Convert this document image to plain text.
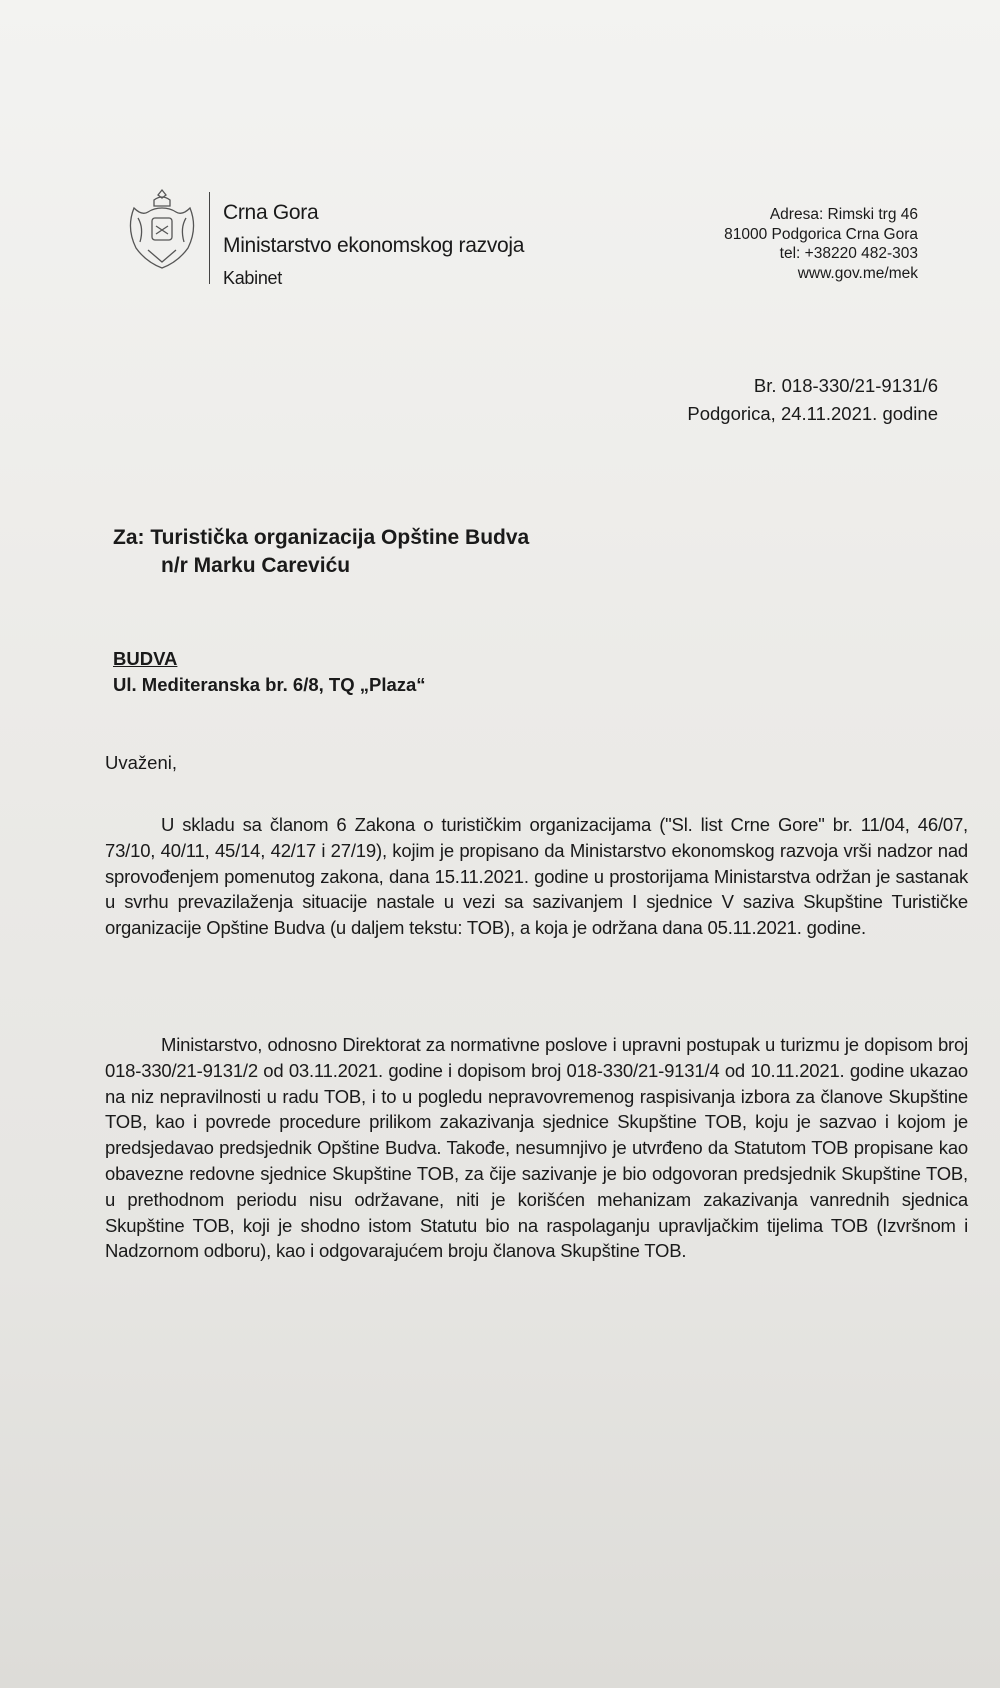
Crna Gora
Ministarstvo ekonomskog razvoja
Kabinet
Adresa: Rimski trg 46
81000 Podgorica Crna Gora
tel: +38220 482-303
www.gov.me/mek
Br. 018-330/21-9131/6
Podgorica, 24.11.2021. godine
Za: Turistička organizacija Opštine Budva
n/r Marku Careviću
BUDVA
Ul. Mediteranska br. 6/8, TQ „Plaza“
Uvaženi,
U skladu sa članom 6 Zakona o turističkim organizacijama ("Sl. list Crne Gore" br. 11/04, 46/07, 73/10, 40/11, 45/14, 42/17 i 27/19), kojim je propisano da Ministarstvo ekonomskog razvoja vrši nadzor nad sprovođenjem pomenutog zakona, dana 15.11.2021. godine u prostorijama Ministarstva održan je sastanak u svrhu prevazilaženja situacije nastale u vezi sa sazivanjem I sjednice V saziva Skupštine Turističke organizacije Opštine Budva (u daljem tekstu: TOB), a koja je održana dana 05.11.2021. godine.
Ministarstvo, odnosno Direktorat za normativne poslove i upravni postupak u turizmu je dopisom broj 018-330/21-9131/2 od 03.11.2021. godine i dopisom broj 018-330/21-9131/4 od 10.11.2021. godine ukazao na niz nepravilnosti u radu TOB, i to u pogledu nepravovremenog raspisivanja izbora za članove Skupštine TOB, kao i povrede procedure prilikom zakazivanja sjednice Skupštine TOB, koju je sazvao i kojom je predsjedavao predsjednik Opštine Budva. Takođe, nesumnjivo je utvrđeno da Statutom TOB propisane kao obavezne redovne sjednice Skupštine TOB, za čije sazivanje je bio odgovoran predsjednik Skupštine TOB, u prethodnom periodu nisu održavane, niti je korišćen mehanizam zakazivanja vanrednih sjednica Skupštine TOB, koji je shodno istom Statutu bio na raspolaganju upravljačkim tijelima TOB (Izvršnom i Nadzornom odboru), kao i odgovarajućem broju članova Skupštine TOB.
